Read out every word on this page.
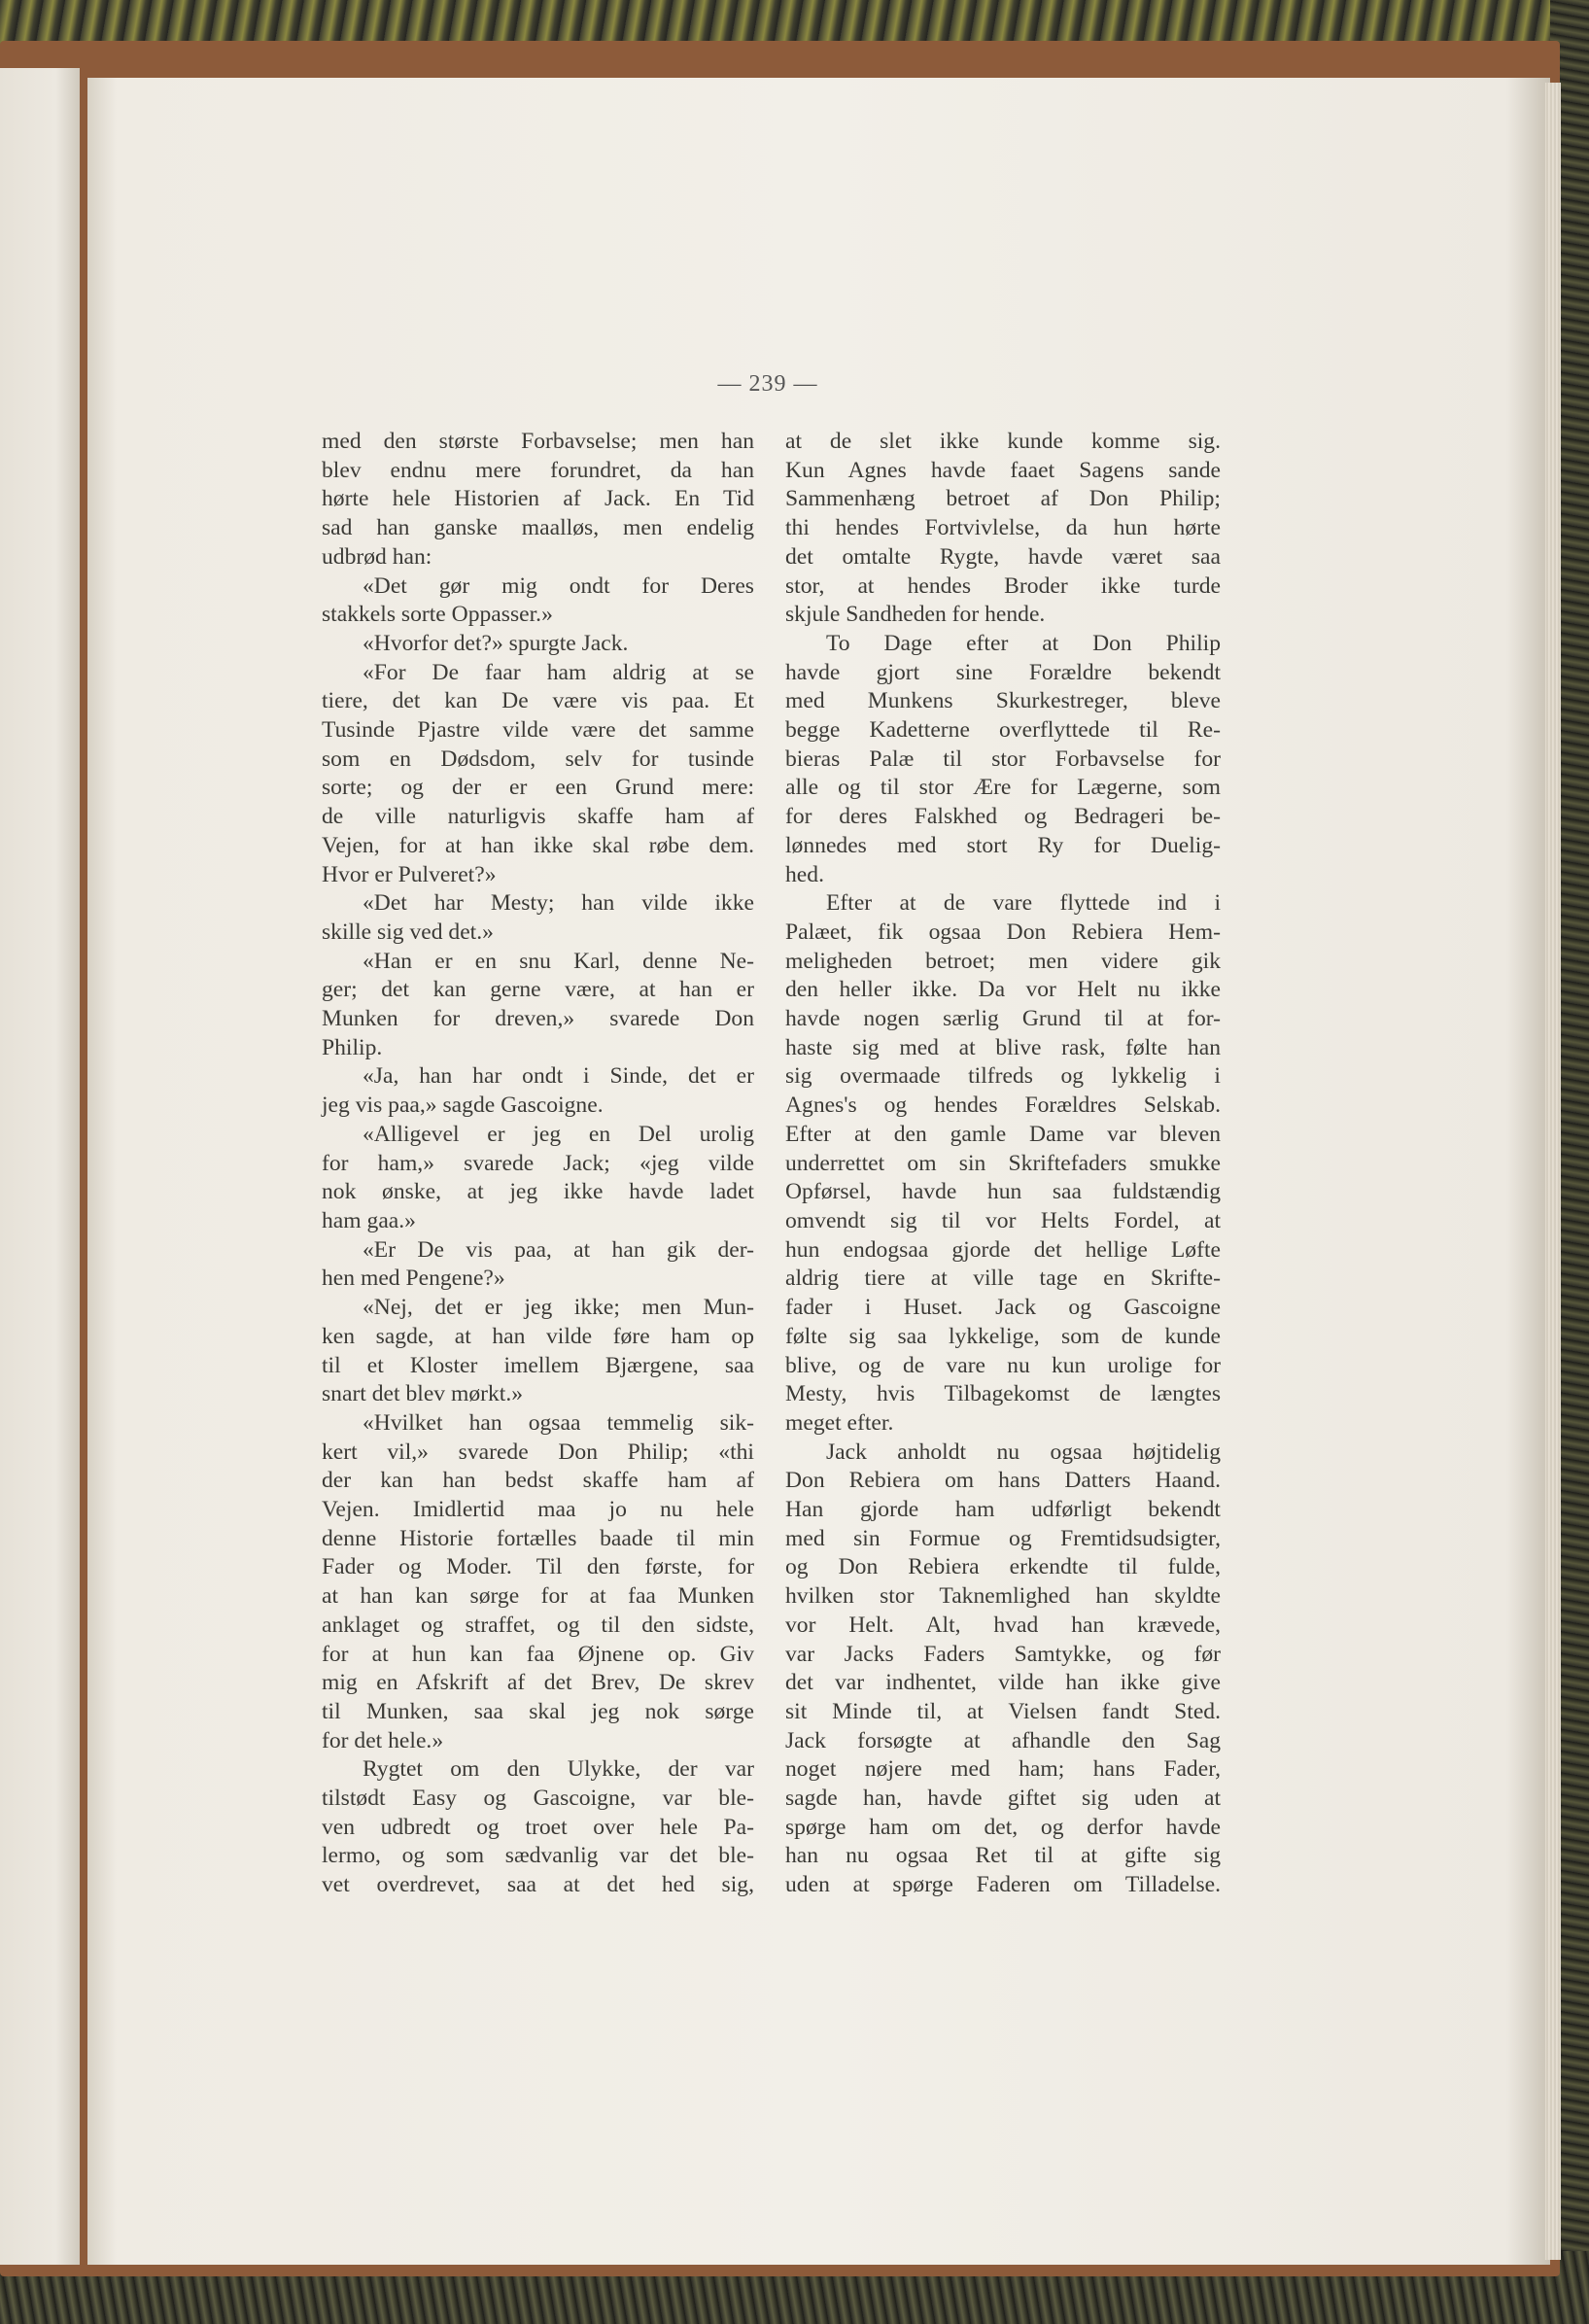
— 239 —
med den største Forbavselse; men han
blev endnu mere forundret, da han
hørte hele Historien af Jack. En Tid
sad han ganske maalløs, men endelig
udbrød han:
«Det gør mig ondt for Deres
stakkels sorte Oppasser.»
«Hvorfor det?» spurgte Jack.
«For De faar ham aldrig at se
tiere, det kan De være vis paa. Et
Tusinde Pjastre vilde være det samme
som en Dødsdom, selv for tusinde
sorte; og der er een Grund mere:
de ville naturligvis skaffe ham af
Vejen, for at han ikke skal røbe dem.
Hvor er Pulveret?»
«Det har Mesty; han vilde ikke
skille sig ved det.»
«Han er en snu Karl, denne Ne-
ger; det kan gerne være, at han er
Munken for dreven,» svarede Don
Philip.
«Ja, han har ondt i Sinde, det er
jeg vis paa,» sagde Gascoigne.
«Alligevel er jeg en Del urolig
for ham,» svarede Jack; «jeg vilde
nok ønske, at jeg ikke havde ladet
ham gaa.»
«Er De vis paa, at han gik der-
hen med Pengene?»
«Nej, det er jeg ikke; men Mun-
ken sagde, at han vilde føre ham op
til et Kloster imellem Bjærgene, saa
snart det blev mørkt.»
«Hvilket han ogsaa temmelig sik-
kert vil,» svarede Don Philip; «thi
der kan han bedst skaffe ham af
Vejen. Imidlertid maa jo nu hele
denne Historie fortælles baade til min
Fader og Moder. Til den første, for
at han kan sørge for at faa Munken
anklaget og straffet, og til den sidste,
for at hun kan faa Øjnene op. Giv
mig en Afskrift af det Brev, De skrev
til Munken, saa skal jeg nok sørge
for det hele.»
Rygtet om den Ulykke, der var
tilstødt Easy og Gascoigne, var ble-
ven udbredt og troet over hele Pa-
lermo, og som sædvanlig var det ble-
vet overdrevet, saa at det hed sig,
at de slet ikke kunde komme sig.
Kun Agnes havde faaet Sagens sande
Sammenhæng betroet af Don Philip;
thi hendes Fortvivlelse, da hun hørte
det omtalte Rygte, havde været saa
stor, at hendes Broder ikke turde
skjule Sandheden for hende.
To Dage efter at Don Philip
havde gjort sine Forældre bekendt
med Munkens Skurkestreger, bleve
begge Kadetterne overflyttede til Re-
bieras Palæ til stor Forbavselse for
alle og til stor Ære for Lægerne, som
for deres Falskhed og Bedrageri be-
lønnedes med stort Ry for Duelig-
hed.
Efter at de vare flyttede ind i
Palæet, fik ogsaa Don Rebiera Hem-
meligheden betroet; men videre gik
den heller ikke. Da vor Helt nu ikke
havde nogen særlig Grund til at for-
haste sig med at blive rask, følte han
sig overmaade tilfreds og lykkelig i
Agnes's og hendes Forældres Selskab.
Efter at den gamle Dame var bleven
underrettet om sin Skriftefaders smukke
Opførsel, havde hun saa fuldstændig
omvendt sig til vor Helts Fordel, at
hun endogsaa gjorde det hellige Løfte
aldrig tiere at ville tage en Skrifte-
fader i Huset. Jack og Gascoigne
følte sig saa lykkelige, som de kunde
blive, og de vare nu kun urolige for
Mesty, hvis Tilbagekomst de længtes
meget efter.
Jack anholdt nu ogsaa højtidelig
Don Rebiera om hans Datters Haand.
Han gjorde ham udførligt bekendt
med sin Formue og Fremtidsudsigter,
og Don Rebiera erkendte til fulde,
hvilken stor Taknemlighed han skyldte
vor Helt. Alt, hvad han krævede,
var Jacks Faders Samtykke, og før
det var indhentet, vilde han ikke give
sit Minde til, at Vielsen fandt Sted.
Jack forsøgte at afhandle den Sag
noget nøjere med ham; hans Fader,
sagde han, havde giftet sig uden at
spørge ham om det, og derfor havde
han nu ogsaa Ret til at gifte sig
uden at spørge Faderen om Tilladelse.
